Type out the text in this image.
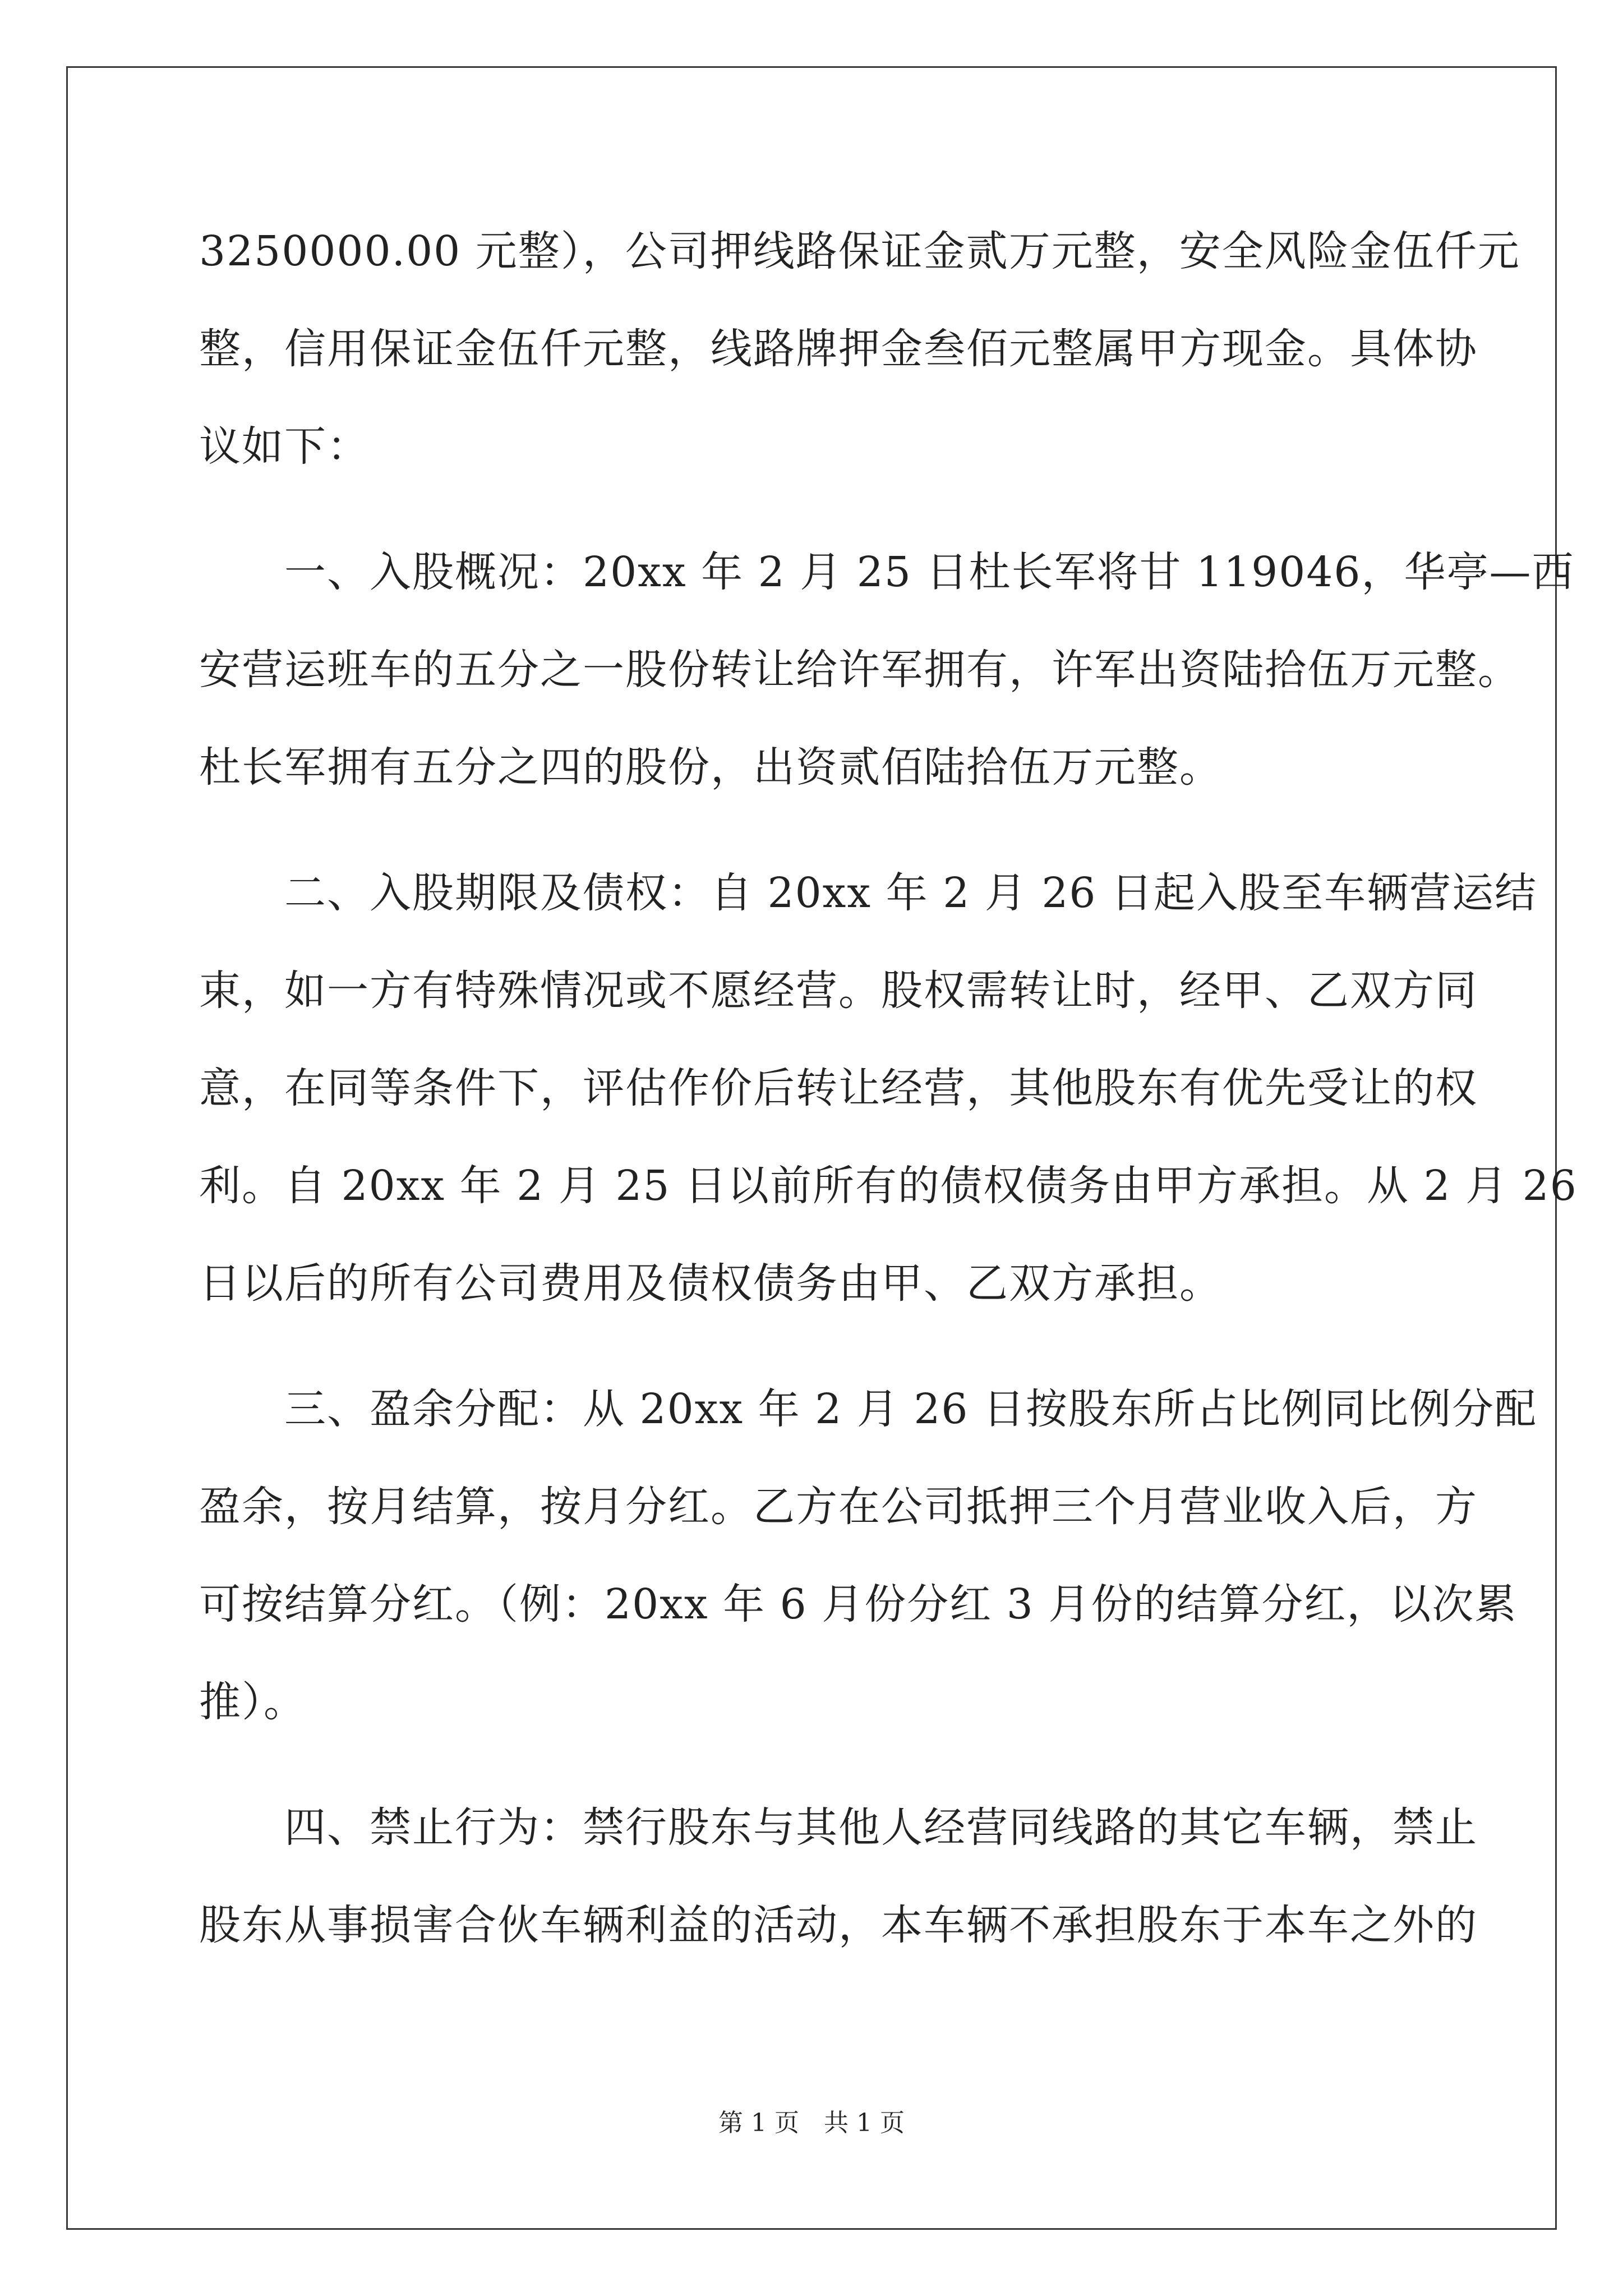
3250000.00 元整），公司押线路保证金贰万元整，安全风险金伍仟元
整，信用保证金伍仟元整，线路牌押金叁佰元整属甲方现金。具体协
议如下：
　　一、入股概况：20xx 年 2 月 25 日杜长军将甘 119046，华亭—西
安营运班车的五分之一股份转让给许军拥有，许军出资陆拾伍万元整。
杜长军拥有五分之四的股份，出资贰佰陆拾伍万元整。
　　二、入股期限及债权：自 20xx 年 2 月 26 日起入股至车辆营运结
束，如一方有特殊情况或不愿经营。股权需转让时，经甲、乙双方同
意，在同等条件下，评估作价后转让经营，其他股东有优先受让的权
利。自 20xx 年 2 月 25 日以前所有的债权债务由甲方承担。从 2 月 26
日以后的所有公司费用及债权债务由甲、乙双方承担。
　　三、盈余分配：从 20xx 年 2 月 26 日按股东所占比例同比例分配
盈余，按月结算，按月分红。乙方在公司抵押三个月营业收入后，方
可按结算分红。（例：20xx 年 6 月份分红 3 月份的结算分红，以次累
推）。
　　四、禁止行为：禁行股东与其他人经营同线路的其它车辆，禁止
股东从事损害合伙车辆利益的活动，本车辆不承担股东于本车之外的
第 1 页　共 1 页
